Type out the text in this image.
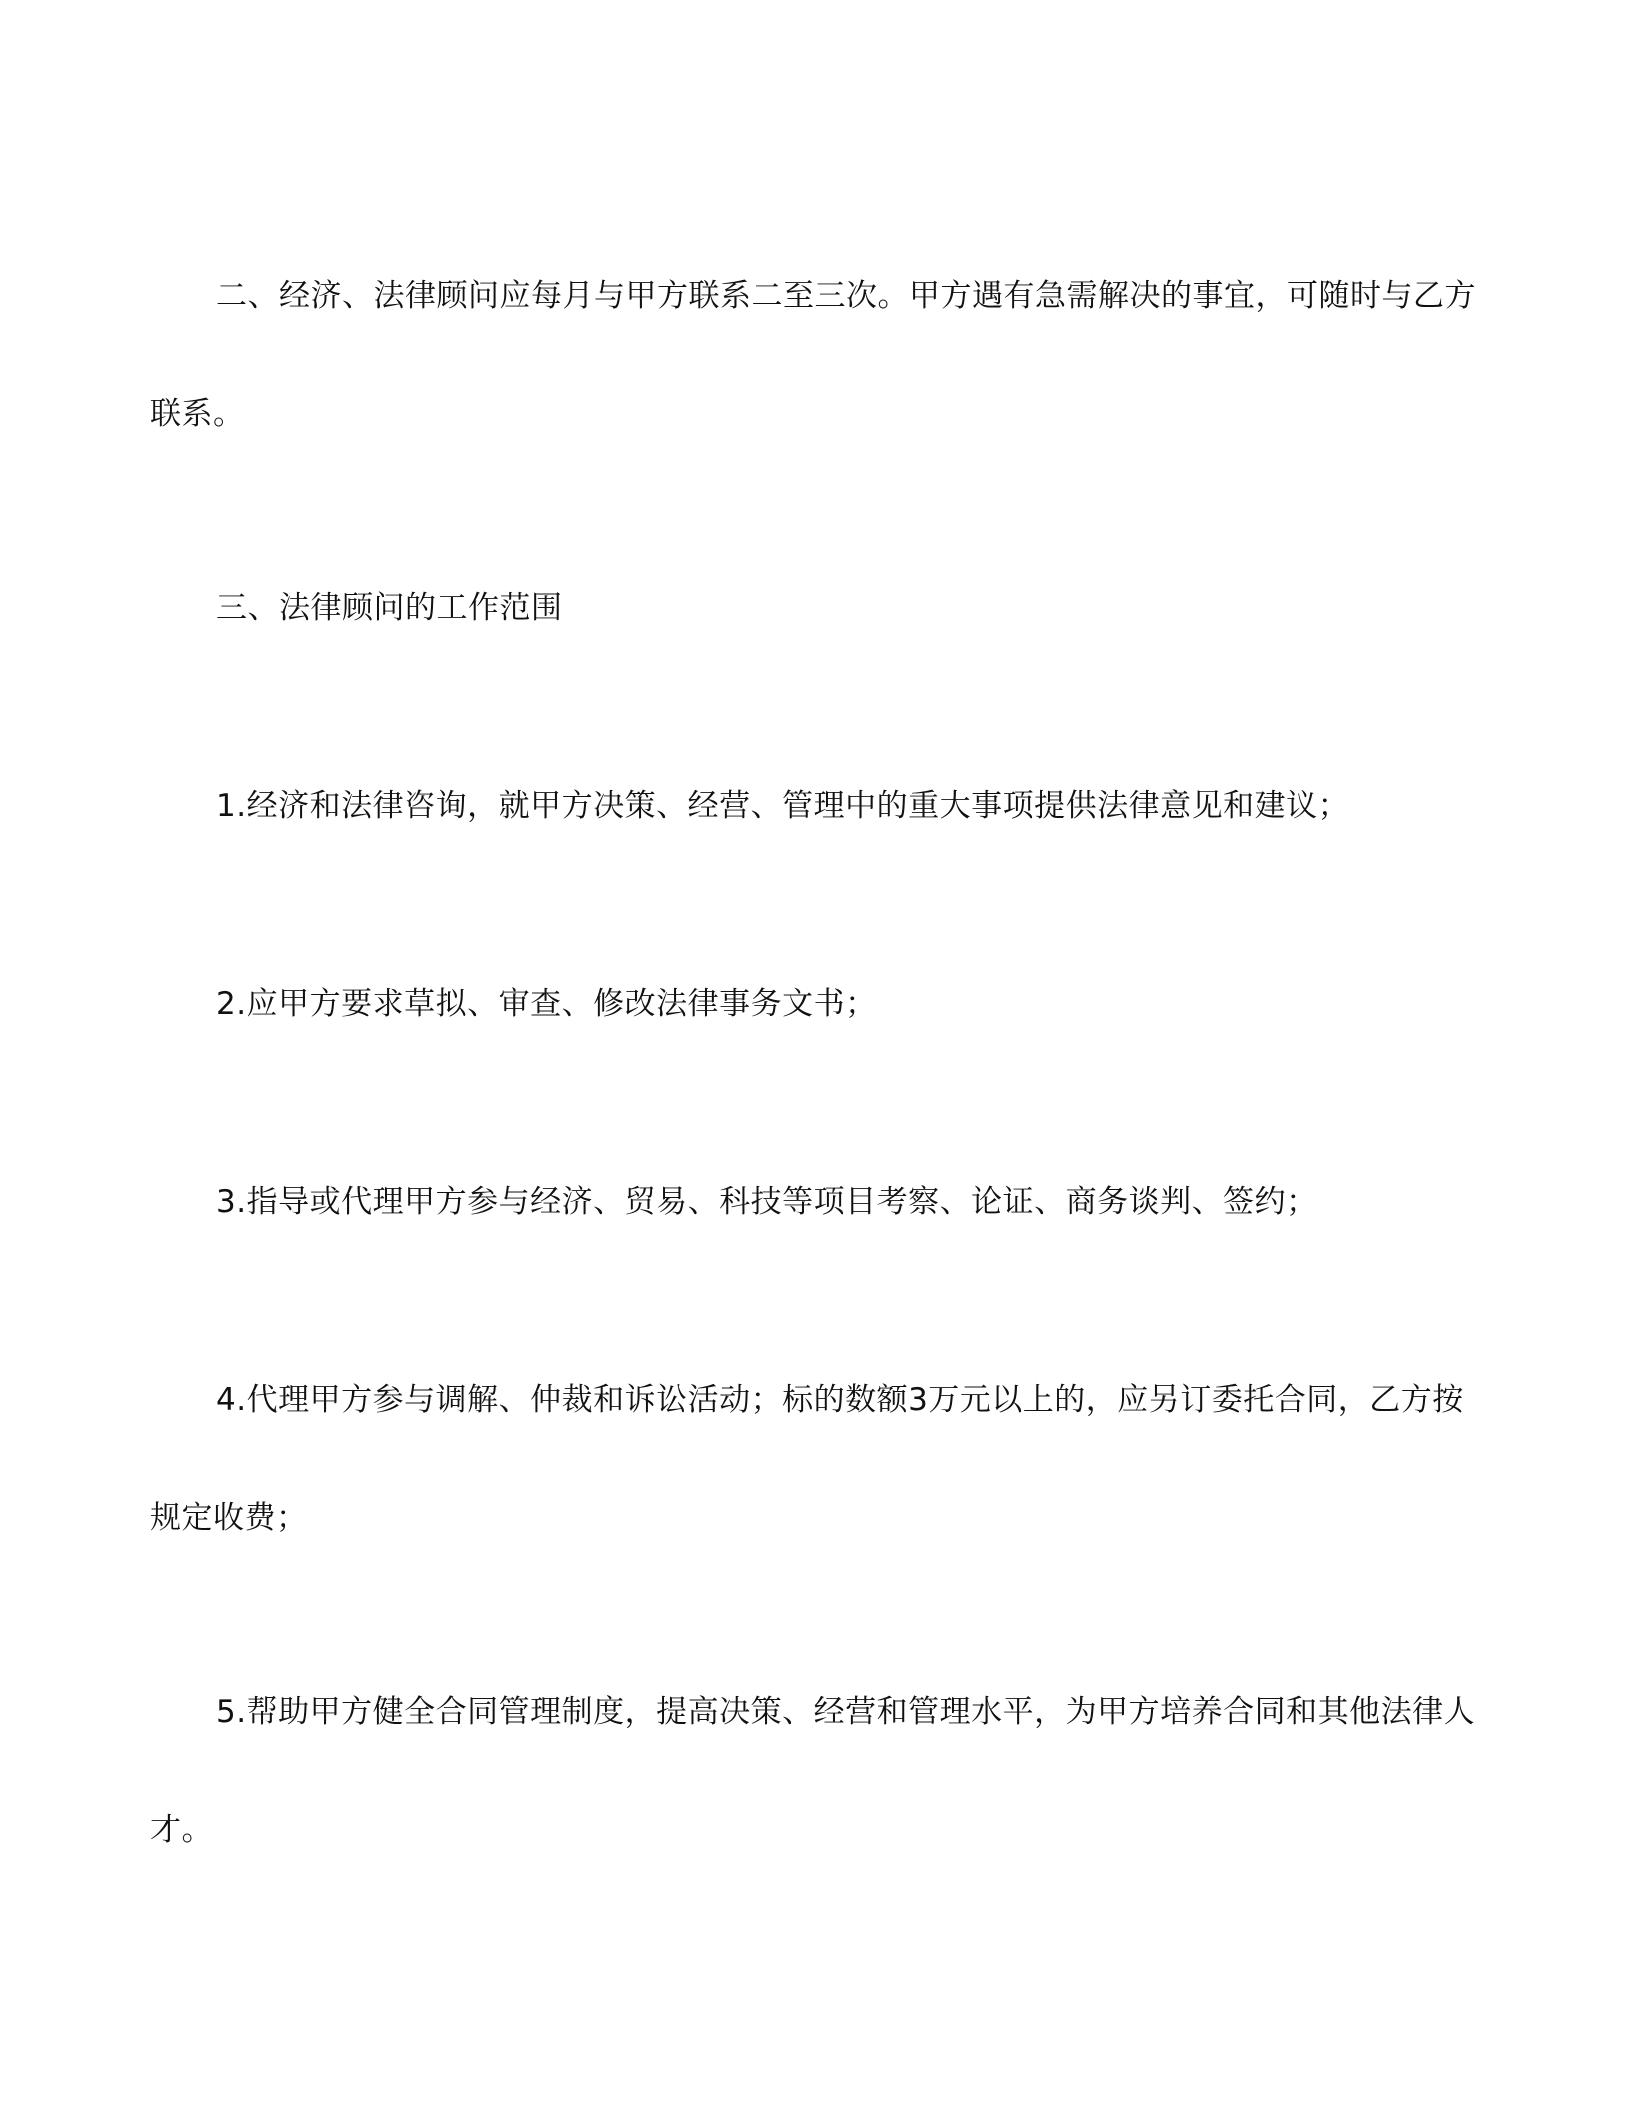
二、经济、法律顾问应每月与甲方联系二至三次。甲方遇有急需解决的事宜，可随时与乙方联系。

三、法律顾问的工作范围

1.经济和法律咨询，就甲方决策、经营、管理中的重大事项提供法律意见和建议；

2.应甲方要求草拟、审查、修改法律事务文书；

3.指导或代理甲方参与经济、贸易、科技等项目考察、论证、商务谈判、签约；

4.代理甲方参与调解、仲裁和诉讼活动；标的数额3万元以上的，应另订委托合同，乙方按规定收费；

5.帮助甲方健全合同管理制度，提高决策、经营和管理水平，为甲方培养合同和其他法律人才。
